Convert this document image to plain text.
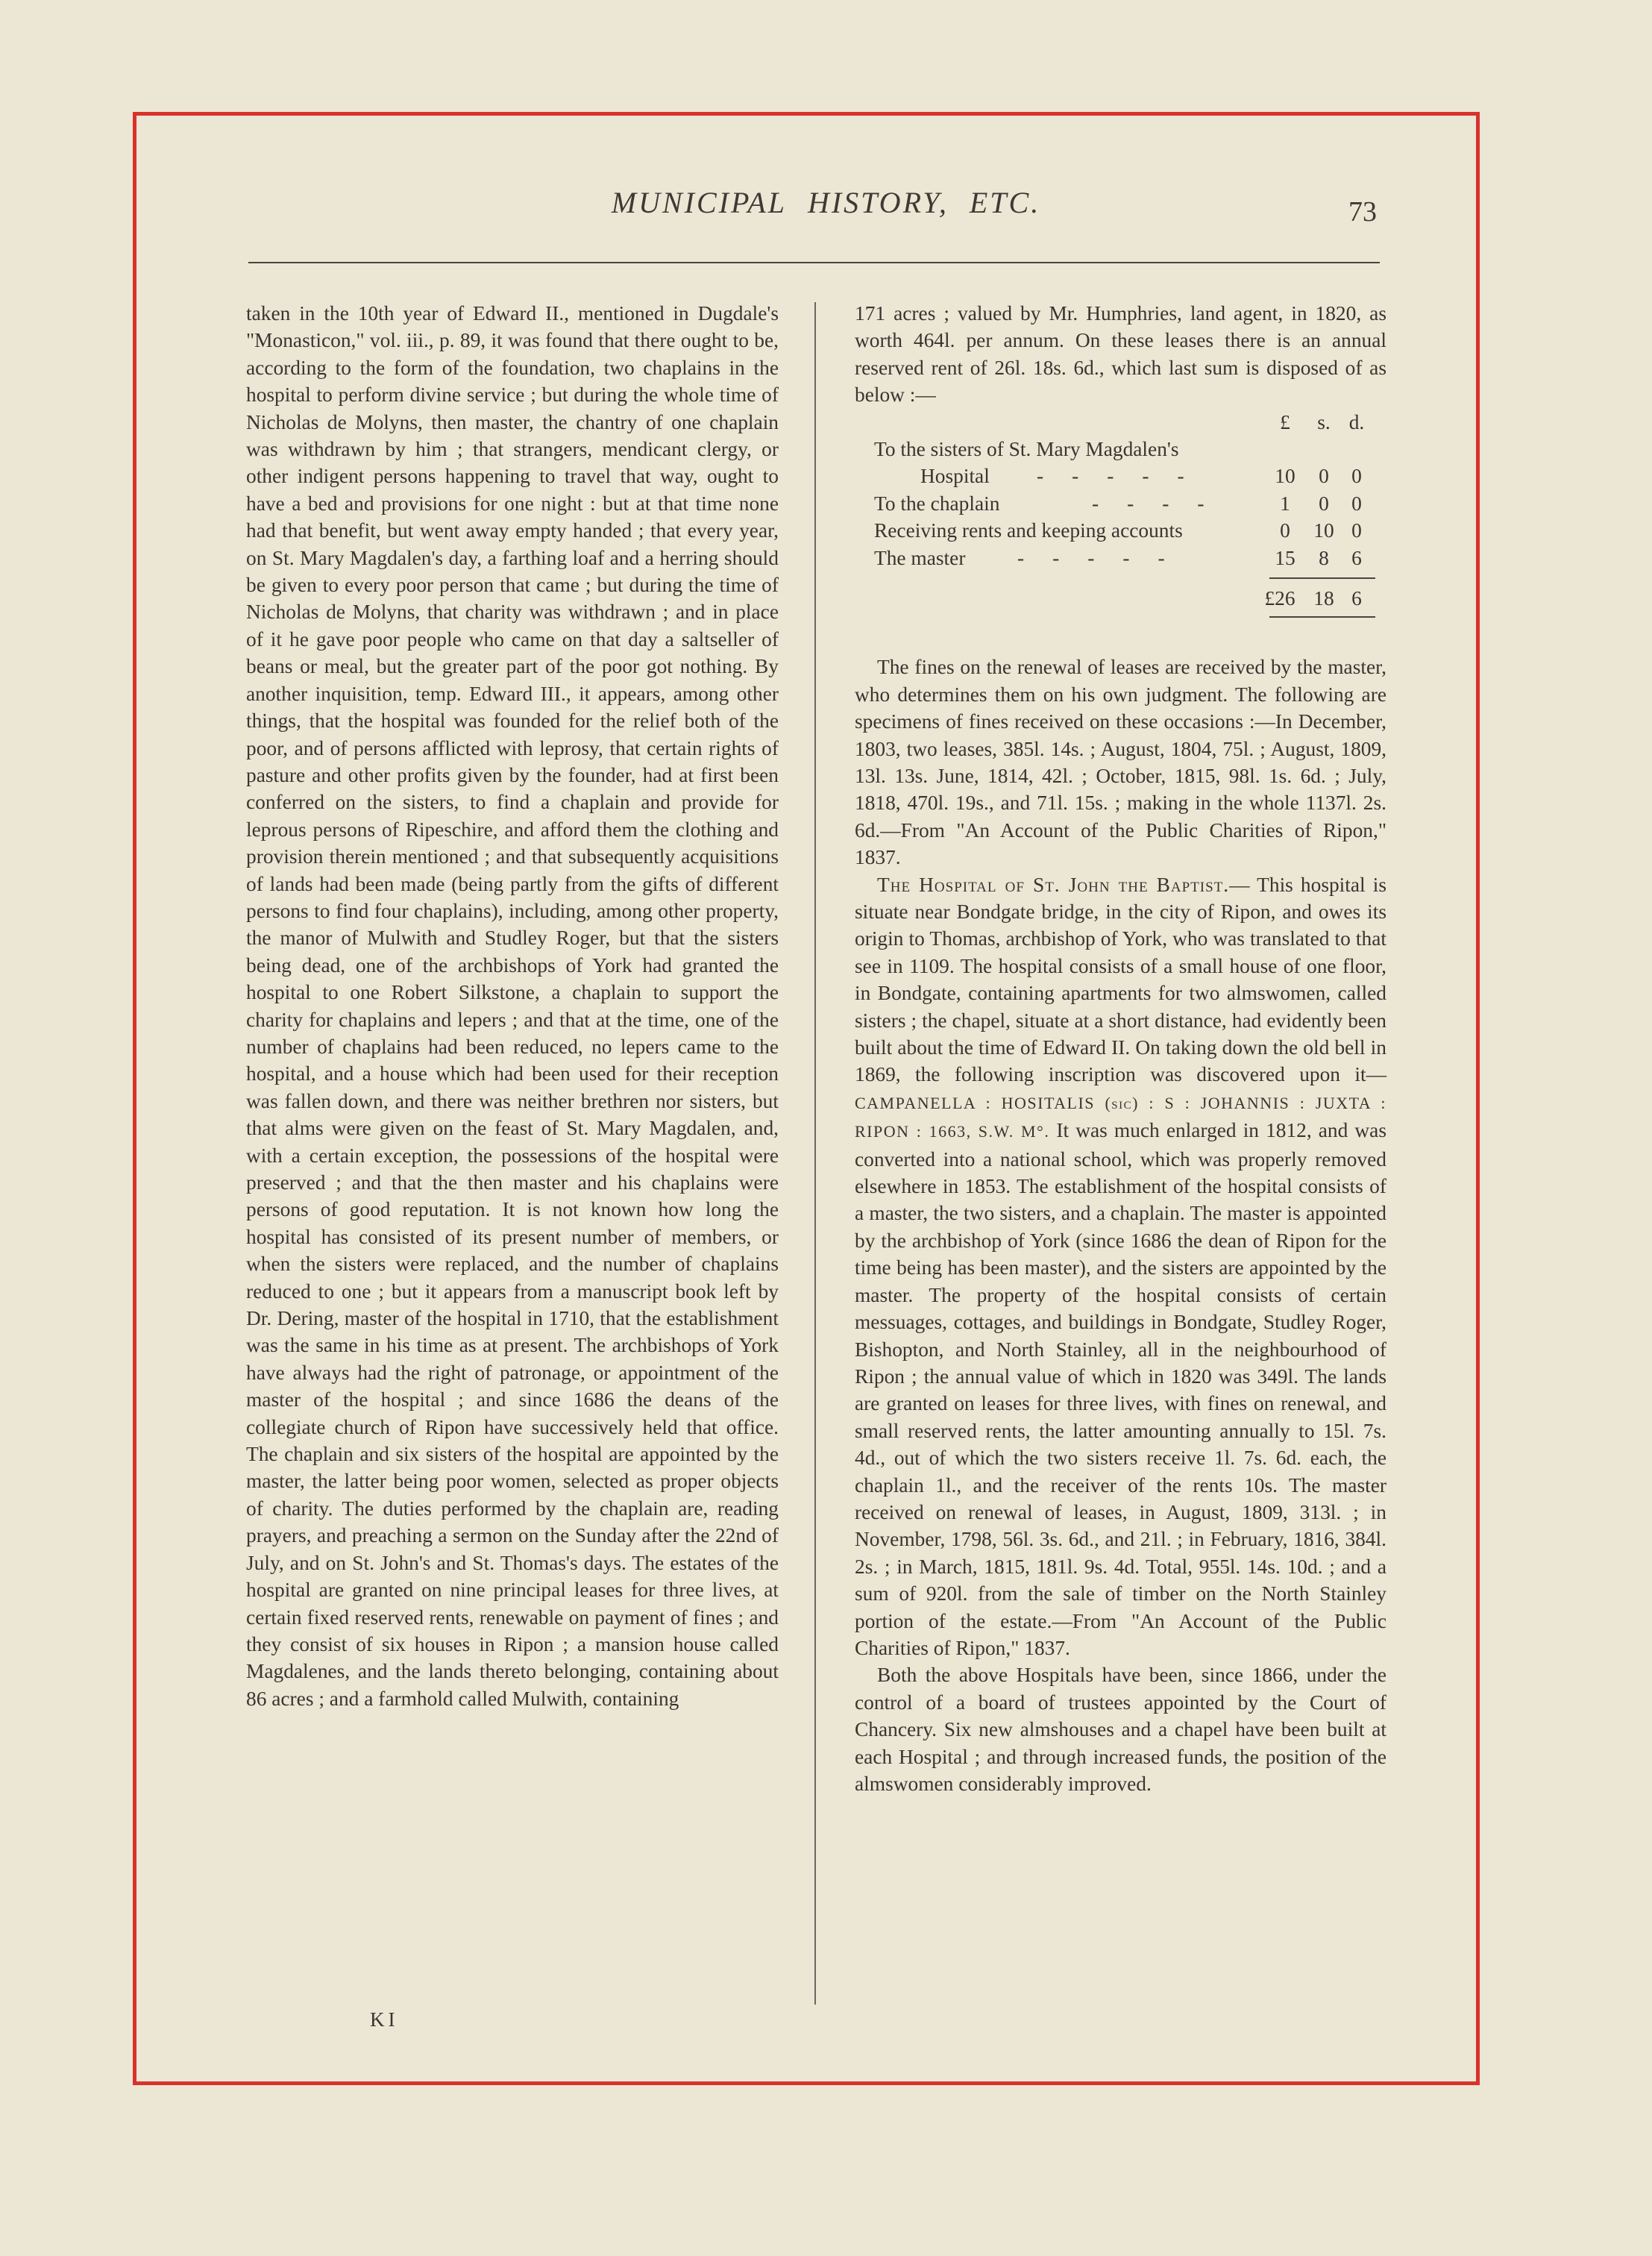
MUNICIPAL HISTORY, ETC.	73

taken in the 10th year of Edward II., mentioned in Dugdale's "Monasticon," vol. iii., p. 89, it was found that there ought to be, according to the form of the foundation, two chaplains in the hospital to perform divine service ; but during the whole time of Nicholas de Molyns, then master, the chantry of one chaplain was withdrawn by him ; that strangers, mendicant clergy, or other indigent persons happening to travel that way, ought to have a bed and provisions for one night : but at that time none had that benefit, but went away empty handed ; that every year, on St. Mary Magdalen's day, a farthing loaf and a herring should be given to every poor person that came ; but during the time of Nicholas de Molyns, that charity was withdrawn ; and in place of it he gave poor people who came on that day a saltseller of beans or meal, but the greater part of the poor got nothing. By another inquisition, temp. Edward III., it appears, among other things, that the hospital was founded for the relief both of the poor, and of persons afflicted with leprosy, that certain rights of pasture and other profits given by the founder, had at first been conferred on the sisters, to find a chaplain and provide for leprous persons of Ripeschire, and afford them the clothing and provision therein mentioned ; and that subsequently acquisitions of lands had been made (being partly from the gifts of different persons to find four chaplains), including, among other property, the manor of Mulwith and Studley Roger, but that the sisters being dead, one of the archbishops of York had granted the hospital to one Robert Silkstone, a chaplain to support the charity for chaplains and lepers ; and that at the time, one of the number of chaplains had been reduced, no lepers came to the hospital, and a house which had been used for their reception was fallen down, and there was neither brethren nor sisters, but that alms were given on the feast of St. Mary Magdalen, and, with a certain exception, the possessions of the hospital were preserved ; and that the then master and his chaplains were persons of good reputation. It is not known how long the hospital has consisted of its present number of members, or when the sisters were replaced, and the number of chaplains reduced to one ; but it appears from a manuscript book left by Dr. Dering, master of the hospital in 1710, that the establishment was the same in his time as at present. The archbishops of York have always had the right of patronage, or appointment of the master of the hospital ; and since 1686 the deans of the collegiate church of Ripon have successively held that office. The chaplain and six sisters of the hospital are appointed by the master, the latter being poor women, selected as proper objects of charity. The duties performed by the chaplain are, reading prayers, and preaching a sermon on the Sunday after the 22nd of July, and on St. John's and St. Thomas's days. The estates of the hospital are granted on nine principal leases for three lives, at certain fixed reserved rents, renewable on payment of fines ; and they consist of six houses in Ripon ; a mansion house called Magdalenes, and the lands thereto belonging, containing about 86 acres ; and a farmhold called Mulwith, containing

171 acres ; valued by Mr. Humphries, land agent, in 1820, as worth 464l. per annum. On these leases there is an annual reserved rent of 26l. 18s. 6d., which last sum is disposed of as below :—

£	s. d.
To the sisters of St. Mary Magdalen's
Hospital -----	10	0	0
To the chaplain	----	1	0	0
Receiving rents and keeping accounts	0	10 0
The master	-----	15	8	6
£26 18 6

The fines on the renewal of leases are received by the master, who determines them on his own judgment. The following are specimens of fines received on these occasions :—In December, 1803, two leases, 385l. 14s. ; August, 1804, 75l. ; August, 1809, 13l. 13s. June, 1814, 42l. ; October, 1815, 98l. 1s. 6d. ; July, 1818, 470l. 19s., and 71l. 15s. ; making in the whole 1137l. 2s. 6d.—From "An Account of the Public Charities of Ripon," 1837.

The Hospital of St. John the Baptist.— This hospital is situate near Bondgate bridge, in the city of Ripon, and owes its origin to Thomas, archbishop of York, who was translated to that see in 1109. The hospital consists of a small house of one floor, in Bondgate, containing apartments for two almswomen, called sisters ; the chapel, situate at a short distance, had evidently been built about the time of Edward II. On taking down the old bell in 1869, the following inscription was discovered upon it—CAMPANELLA : HOSITALIS (sic) : S : JOHANNIS : JUXTA : RIPON : 1663, S.W. M°. It was much enlarged in 1812, and was converted into a national school, which was properly removed elsewhere in 1853. The establishment of the hospital consists of a master, the two sisters, and a chaplain. The master is appointed by the archbishop of York (since 1686 the dean of Ripon for the time being has been master), and the sisters are appointed by the master. The property of the hospital consists of certain messuages, cottages, and buildings in Bondgate, Studley Roger, Bishopton, and North Stainley, all in the neighbourhood of Ripon ; the annual value of which in 1820 was 349l. The lands are granted on leases for three lives, with fines on renewal, and small reserved rents, the latter amounting annually to 15l. 7s. 4d., out of which the two sisters receive 1l. 7s. 6d. each, the chaplain 1l., and the receiver of the rents 10s. The master received on renewal of leases, in August, 1809, 313l. ; in November, 1798, 56l. 3s. 6d., and 21l. ; in February, 1816, 384l. 2s. ; in March, 1815, 181l. 9s. 4d. Total, 955l. 14s. 10d. ; and a sum of 920l. from the sale of timber on the North Stainley portion of the estate.—From "An Account of the Public Charities of Ripon," 1837.

Both the above Hospitals have been, since 1866, under the control of a board of trustees appointed by the Court of Chancery. Six new almshouses and a chapel have been built at each Hospital ; and through increased funds, the position of the almswomen considerably improved.

KI
